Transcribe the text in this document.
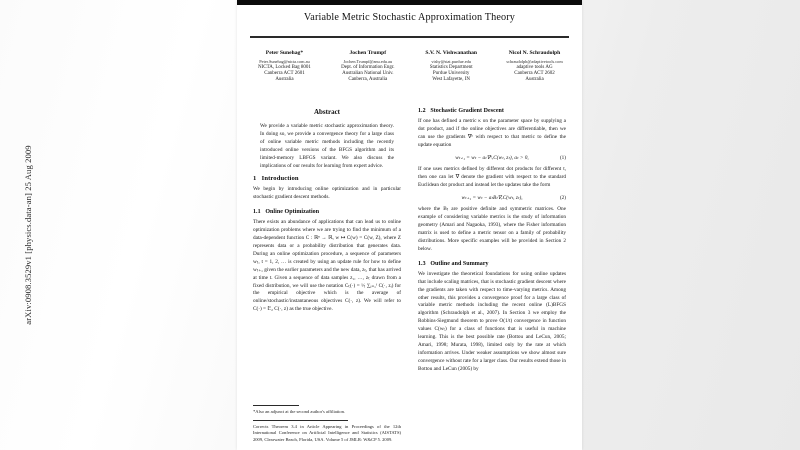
Variable Metric Stochastic Approximation Theory
Peter Sunehag*
Peter.Sunehag@nicta.com.au
NICTA, Locked Bag 8001
Canberra ACT 2601
Australia
Jochen Trumpf
Jochen.Trumpf@anu.edu.au
Dept. of Information Engr.
Australian National Univ.
Canberra, Australia
S.V. N. Vishwanathan
vishy@stat.purdue.edu
Statistics Department
Purdue University
West Lafayette, IN
Nicol N. Schraudolph
schraudolph@adaptivetools.com
adaptive tools AG
Canberra ACT 2602
Australia
Abstract

We provide a variable metric stochastic approximation theory. In doing so, we provide a convergence theory for a large class of online variable metric methods including the recently introduced online versions of the BFGS algorithm and its limited-memory LBFGS variant. We also discuss the implications of our results for learning from expert advice.

1 Introduction

We begin by introducing online optimization and in particular stochastic gradient descent methods.

1.1 Online Optimization

There exists an abundance of applications that can lead us to online optimization problems where we are trying to find the minimum of a data-dependent function C : ℝⁿ → ℝ, w ↦ C(w) = C(w, Z), where Z represents data or a probability distribution that generates data. During an online optimization procedure, a sequence of parameters wₜ, t = 1, 2, … is created by using an update rule for how to define wₜ₊₁ given the earlier parameters and the new data, zₜ, that has arrived at time t. Given a sequence of data samples z₁, …, zₜ drawn from a fixed distribution, we will use the notation Cₜ(·) = ¹⁄ₜ ∑ᵢ₌₁ᶠ C(·, zᵢ) for the empirical objective which is the average of online/stochastic/instantaneous objectives C(·, z). We will refer to C(·) = 𝔼₂ C(·, z) as the true objective.

*Also an adjunct at the second author's affiliation.

Corrects Theorem 3.4 in Article Appearing in Proceedings of the 12th International Conference on Artificial Intelligence and Statistics (AISTATS) 2009, Clearwater Beach, Florida, USA. Volume 5 of JMLR: W&CP 5. 2009.

1.2 Stochastic Gradient Descent

If one has defined a metric κ on the parameter space by supplying a dot product, and if the online objectives are differentiable, then we can use the gradients ∇ᵏ with respect to that metric to define the update equation

wₜ₊₁ = wₜ − aₜ∇ᵏᵥC(wₜ, zₜ), aₜ > 0,	(1)

If one uses metrics defined by different dot products for different t, then one can let ∇ denote the gradient with respect to the standard Euclidean dot product and instead let the updates take the form

wₜ₊₁ = wₜ − aₜBₜ∇ᵥC(wₜ, zₜ),	(2)

where the Bₜ are positive definite and symmetric matrices. One example of considering variable metrics is the study of information geometry (Amari and Nagaoka, 1993), where the Fisher information matrix is used to define a metric tensor on a family of probability distributions. More specific examples will be provided in Section 2 below.

1.3 Outline and Summary

We investigate the theoretical foundations for using online updates that include scaling matrices, that is stochastic gradient descent where the gradients are taken with respect to time-varying metrics. Among other results, this provides a convergence proof for a large class of variable metric methods including the recent online (L)BFGS algorithm (Schraudolph et al., 2007). In Section 3 we employ the Robbins-Siegmund theorem to prove O(1/t) convergence in function values C(wₜ) for a class of functions that is useful in machine learning. This is the best possible rate (Bottou and LeCun, 2005; Amari, 1998; Murata, 1998), limited only by the rate at which information arrives. Under weaker assumptions we show almost sure convergence without rate for a larger class. Our results extend those in Bottou and LeCun (2005) by

arXiv:0908.3529v1 [physics.data-an] 25 Aug 2009
